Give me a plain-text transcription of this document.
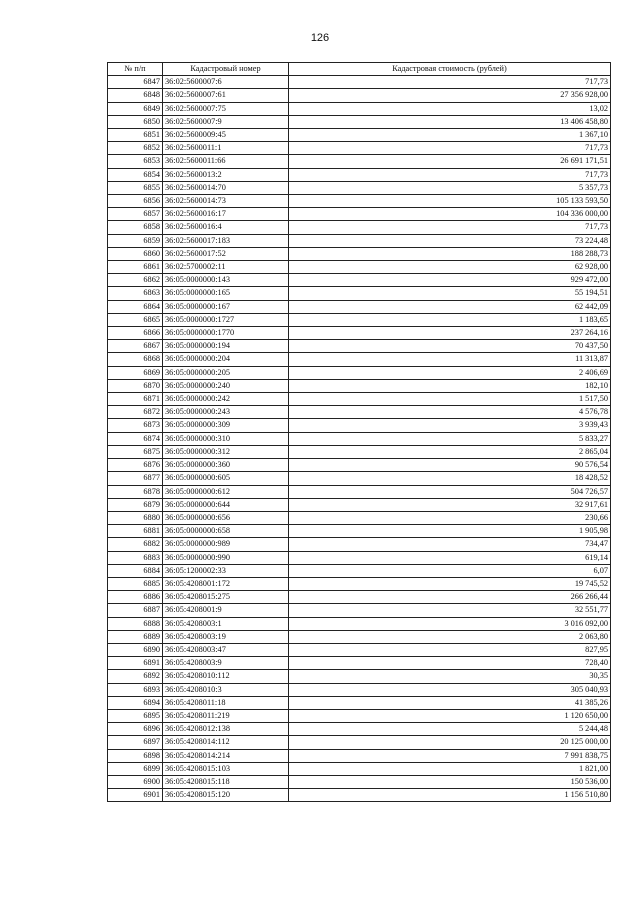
126
№ п/п	Кадастровый номер	Кадастровая стоимость (рублей)
6847	36:02:5600007:6	717,73
6848	36:02:5600007:61	27 356 928,00
6849	36:02:5600007:75	13,02
6850	36:02:5600007:9	13 406 458,80
6851	36:02:5600009:45	1 367,10
6852	36:02:5600011:1	717,73
6853	36:02:5600011:66	26 691 171,51
6854	36:02:5600013:2	717,73
6855	36:02:5600014:70	5 357,73
6856	36:02:5600014:73	105 133 593,50
6857	36:02:5600016:17	104 336 000,00
6858	36:02:5600016:4	717,73
6859	36:02:5600017:183	73 224,48
6860	36:02:5600017:52	188 288,73
6861	36:02:5700002:11	62 928,00
6862	36:05:0000000:143	929 472,00
6863	36:05:0000000:165	55 194,51
6864	36:05:0000000:167	62 442,09
6865	36:05:0000000:1727	1 183,65
6866	36:05:0000000:1770	237 264,16
6867	36:05:0000000:194	70 437,50
6868	36:05:0000000:204	11 313,87
6869	36:05:0000000:205	2 406,69
6870	36:05:0000000:240	182,10
6871	36:05:0000000:242	1 517,50
6872	36:05:0000000:243	4 576,78
6873	36:05:0000000:309	3 939,43
6874	36:05:0000000:310	5 833,27
6875	36:05:0000000:312	2 865,04
6876	36:05:0000000:360	90 576,54
6877	36:05:0000000:605	18 428,52
6878	36:05:0000000:612	504 726,57
6879	36:05:0000000:644	32 917,61
6880	36:05:0000000:656	230,66
6881	36:05:0000000:658	1 905,98
6882	36:05:0000000:989	734,47
6883	36:05:0000000:990	619,14
6884	36:05:1200002:33	6,07
6885	36:05:4208001:172	19 745,52
6886	36:05:4208015:275	266 266,44
6887	36:05:4208001:9	32 551,77
6888	36:05:4208003:1	3 016 092,00
6889	36:05:4208003:19	2 063,80
6890	36:05:4208003:47	827,95
6891	36:05:4208003:9	728,40
6892	36:05:4208010:112	30,35
6893	36:05:4208010:3	305 040,93
6894	36:05:4208011:18	41 385,26
6895	36:05:4208011:219	1 120 650,00
6896	36:05:4208012:138	5 244,48
6897	36:05:4208014:112	20 125 000,00
6898	36:05:4208014:214	7 991 838,75
6899	36:05:4208015:103	1 821,00
6900	36:05:4208015:118	150 536,00
6901	36:05:4208015:120	1 156 510,80
